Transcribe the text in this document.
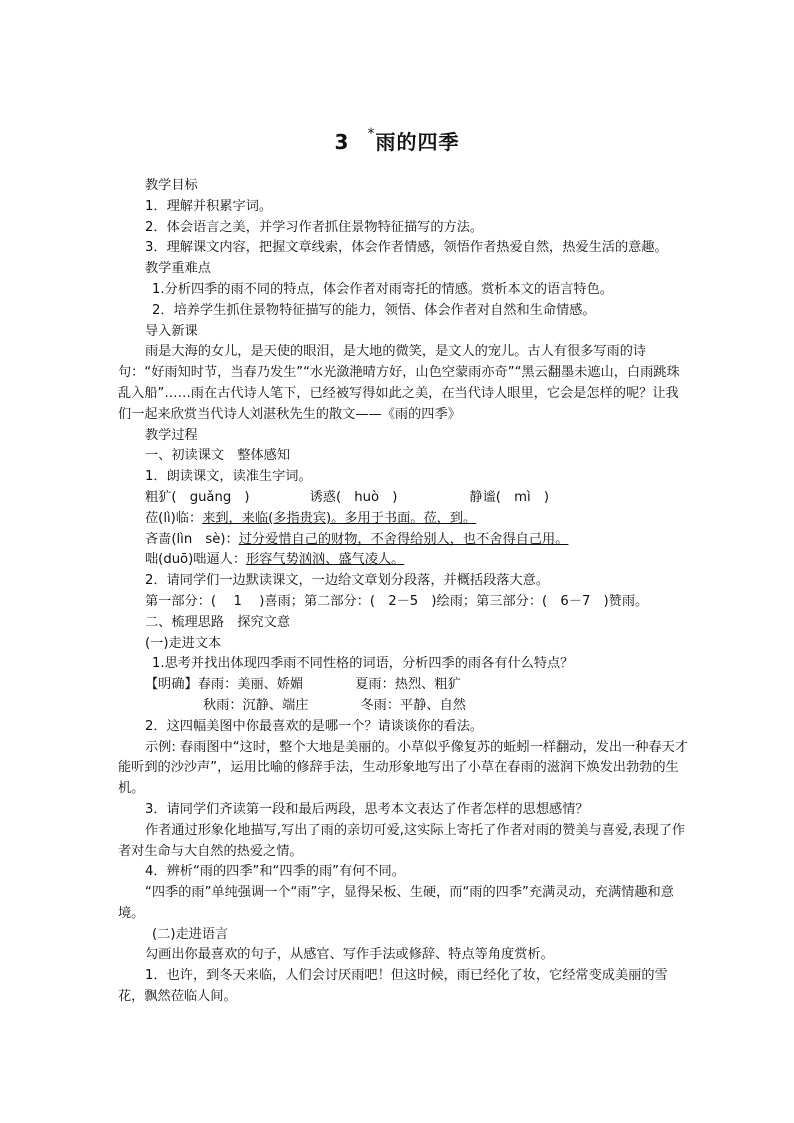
3 *雨的四季

教学目标

1．理解并积累字词。

2．体会语言之美，并学习作者抓住景物特征描写的方法。

3．理解课文内容，把握文章线索，体会作者情感，领悟作者热爱自然，热爱生活的意趣。

教学重难点

1.分析四季的雨不同的特点，体会作者对雨寄托的情感。赏析本文的语言特色。

2．培养学生抓住景物特征描写的能力，领悟、体会作者对自然和生命情感。

导入新课

雨是大海的女儿，是天使的眼泪，是大地的微笑，是文人的宠儿。古人有很多写雨的诗句：“好雨知时节，当春乃发生”“水光潋滟晴方好，山色空蒙雨亦奇”“黑云翻墨未遮山，白雨跳珠乱入船”……雨在古代诗人笔下，已经被写得如此之美，在当代诗人眼里，它会是怎样的呢？让我们一起来欣赏当代诗人刘湛秋先生的散文——《雨的四季》

教学过程

一、初读课文　整体感知

1．朗读课文，读准生字词。

粗犷(　guǎng　)	诱惑(　huò　)	静谧(　mì　)

莅(lì)临：来到，来临(多指贵宾)。多用于书面。莅，到。

吝啬(lìn　sè)：过分爱惜自己的财物，不舍得给别人，也不舍得自己用。

咄(duō)咄逼人：形容气势汹汹、盛气凌人。

2．请同学们一边默读课文，一边给文章划分段落，并概括段落大意。

第一部分：(　 1　 )喜雨；第二部分：(　2－5　)绘雨；第三部分：(　6－7　)赞雨。

二、梳理思路　探究文意

(一)走进文本

1.思考并找出体现四季雨不同性格的词语，分析四季的雨各有什么特点？

【明确】春雨：美丽、娇媚	夏雨：热烈、粗犷

秋雨：沉静、端庄	冬雨：平静、自然

2．这四幅美图中你最喜欢的是哪一个？请谈谈你的看法。

示例: 春雨图中“这时，整个大地是美丽的。小草似乎像复苏的蚯蚓一样翻动，发出一种春天才能听到的沙沙声”，运用比喻的修辞手法，生动形象地写出了小草在春雨的滋润下焕发出勃勃的生机。

3．请同学们齐读第一段和最后两段，思考本文表达了作者怎样的思想感情？

作者通过形象化地描写,写出了雨的亲切可爱,这实际上寄托了作者对雨的赞美与喜爱,表现了作者对生命与大自然的热爱之情。

4．辨析“雨的四季”和“四季的雨”有何不同。

“四季的雨”单纯强调一个“雨”字，显得呆板、生硬，而“雨的四季”充满灵动，充满情趣和意境。

(二)走进语言

勾画出你最喜欢的句子，从感官、写作手法或修辞、特点等角度赏析。

1．也许，到冬天来临，人们会讨厌雨吧！但这时候，雨已经化了妆，它经常变成美丽的雪花，飘然莅临人间。
